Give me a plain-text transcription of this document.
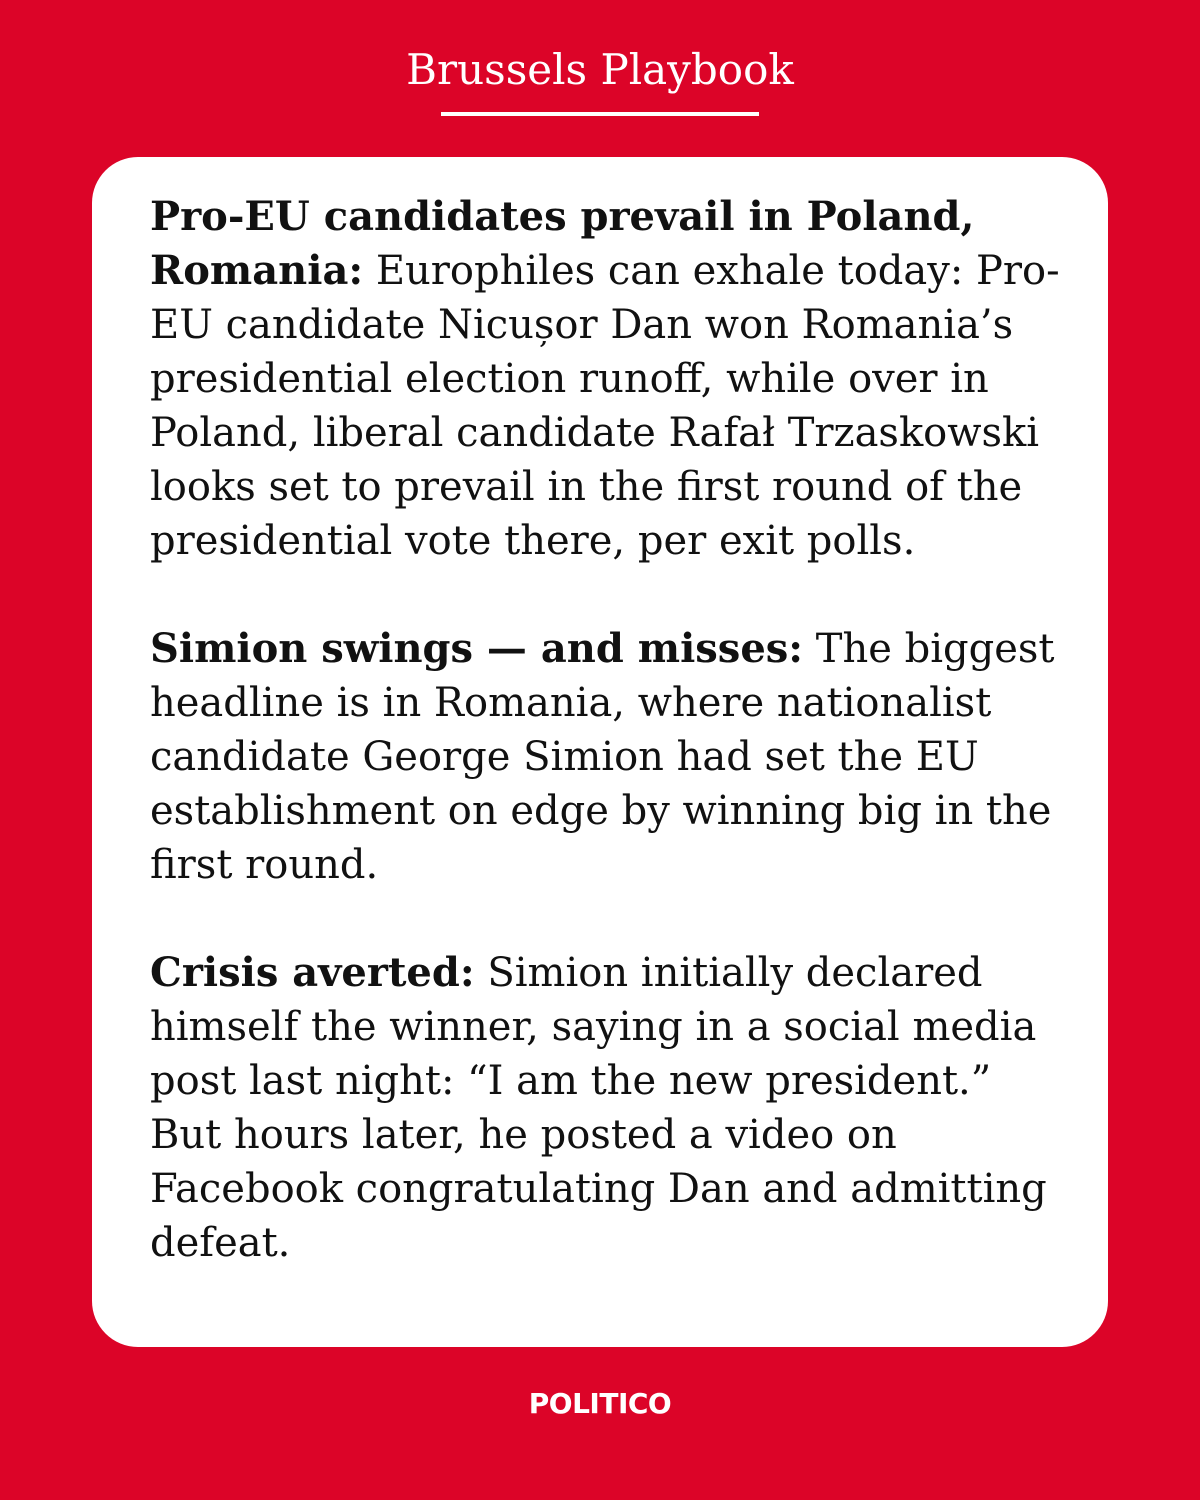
Brussels Playbook

Pro-EU candidates prevail in Poland, Romania: Europhiles can exhale today: Pro-EU candidate Nicușor Dan won Romania’s presidential election runoff, while over in Poland, liberal candidate Rafał Trzaskowski looks set to prevail in the first round of the presidential vote there, per exit polls.

Simion swings — and misses: The biggest headline is in Romania, where nationalist candidate George Simion had set the EU establishment on edge by winning big in the first round.

Crisis averted: Simion initially declared himself the winner, saying in a social media post last night: “I am the new president.” But hours later, he posted a video on Facebook congratulating Dan and admitting defeat.

POLITICO
